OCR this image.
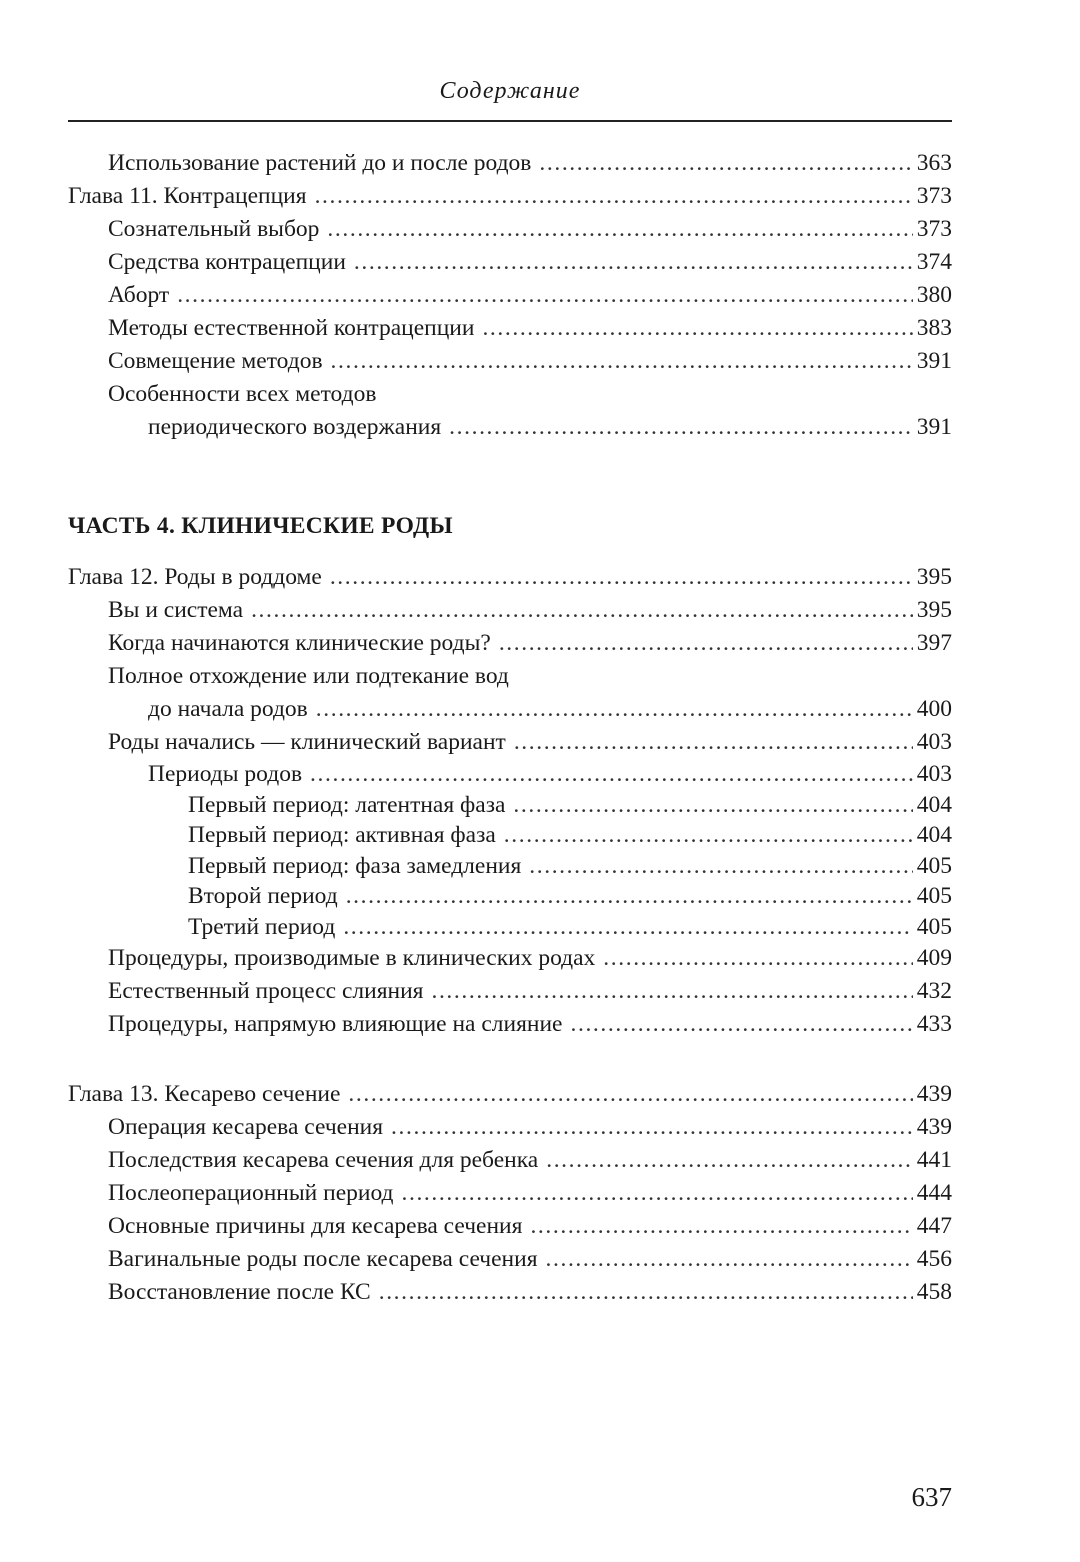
Содержание
Использование растений до и после родов .....	363
Глава 11. Контрацепция .....	373
Сознательный выбор .....	373
Средства контрацепции .....	374
Аборт .....	380
Методы естественной контрацепции .....	383
Совмещение методов .....	391
Особенности всех методов
периодического воздержания .....	391
ЧАСТЬ 4. КЛИНИЧЕСКИЕ РОДЫ
Глава 12. Роды в роддоме .....	395
Вы и система .....	395
Когда начинаются клинические роды? .....	397
Полное отхождение или подтекание вод
до начала родов .....	400
Роды начались — клинический вариант .....	403
Периоды родов .....	403
Первый период: латентная фаза .....	404
Первый период: активная фаза .....	404
Первый период: фаза замедления .....	405
Второй период .....	405
Третий период .....	405
Процедуры, производимые в клинических родах .....	409
Естественный процесс слияния .....	432
Процедуры, напрямую влияющие на слияние .....	433
Глава 13. Кесарево сечение .....	439
Операция кесарева сечения .....	439
Последствия кесарева сечения для ребенка .....	441
Послеоперационный период .....	444
Основные причины для кесарева сечения .....	447
Вагинальные роды после кесарева сечения .....	456
Восстановление после КС .....	458
637
